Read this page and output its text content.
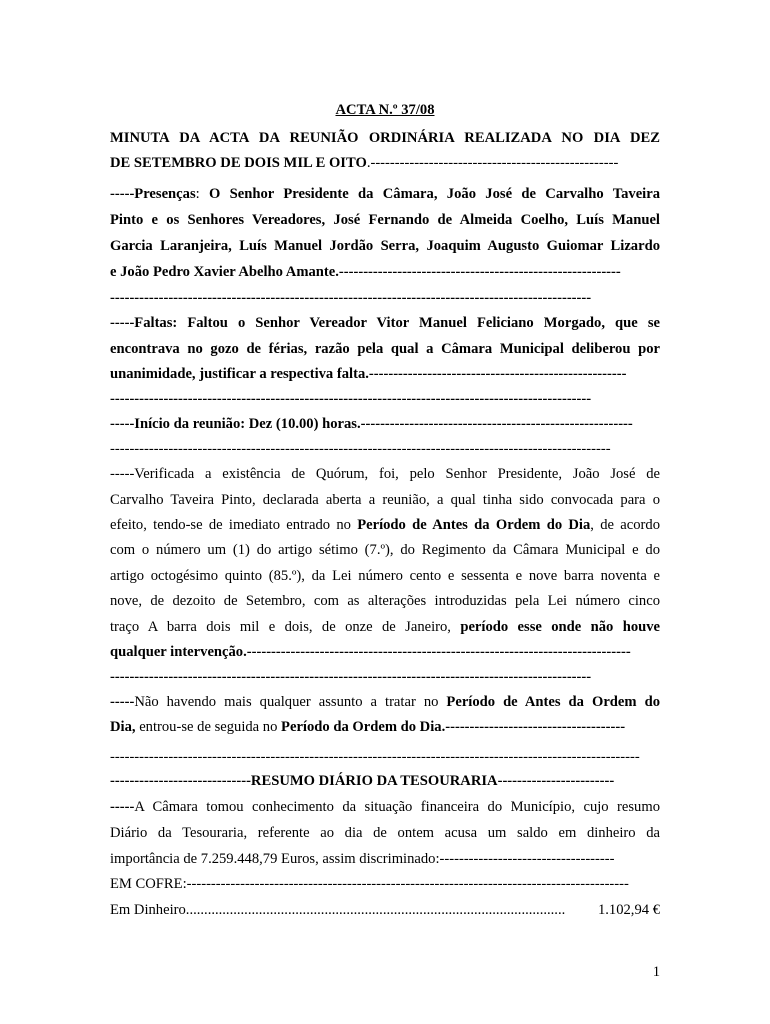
ACTA N.º 37/08
MINUTA DA ACTA DA REUNIÃO ORDINÁRIA REALIZADA NO DIA DEZ
DE SETEMBRO DE DOIS MIL E OITO.---------------------------------------------------
-----Presenças: O Senhor Presidente da Câmara, João José de Carvalho Taveira
Pinto e os Senhores Vereadores, José Fernando de Almeida Coelho, Luís Manuel
Garcia Laranjeira, Luís Manuel Jordão Serra, Joaquim Augusto Guiomar Lizardo
e João Pedro Xavier Abelho Amante.----------------------------------------------------------
---------------------------------------------------------------------------------------------------
-----Faltas: Faltou o Senhor Vereador Vitor Manuel Feliciano Morgado, que se
encontrava no gozo de férias, razão pela qual a Câmara Municipal deliberou por
unanimidade, justificar a respectiva falta.-----------------------------------------------------
---------------------------------------------------------------------------------------------------
-----Início da reunião: Dez (10.00) horas.--------------------------------------------------------
-------------------------------------------------------------------------------------------------------
-----Verificada a existência de Quórum, foi, pelo Senhor Presidente, João José de
Carvalho Taveira Pinto, declarada aberta a reunião, a qual tinha sido convocada para o
efeito, tendo-se de imediato entrado no Período de Antes da Ordem do Dia, de acordo
com o número um (1) do artigo sétimo (7.º), do Regimento da Câmara Municipal e do
artigo octogésimo quinto (85.º), da Lei número cento e sessenta e nove barra noventa e
nove, de dezoito de Setembro, com as alterações introduzidas pela Lei número cinco
traço A barra dois mil e dois, de onze de Janeiro, período esse onde não houve
qualquer intervenção.-------------------------------------------------------------------------------
---------------------------------------------------------------------------------------------------
-----Não havendo mais qualquer assunto a tratar no Período de Antes da Ordem do
Dia, entrou-se de seguida no Período da Ordem do Dia.-------------------------------------
-------------------------------------------------------------------------------------------------------------
-----------------------------RESUMO DIÁRIO DA TESOURARIA------------------------
-----A Câmara tomou conhecimento da situação financeira do Município, cujo resumo
Diário da Tesouraria, referente ao dia de ontem acusa um saldo em dinheiro da
importância de 7.259.448,79 Euros, assim discriminado:------------------------------------
EM COFRE:-------------------------------------------------------------------------------------------
Em Dinheiro ........................................................................................................	1.102,94 €
1
